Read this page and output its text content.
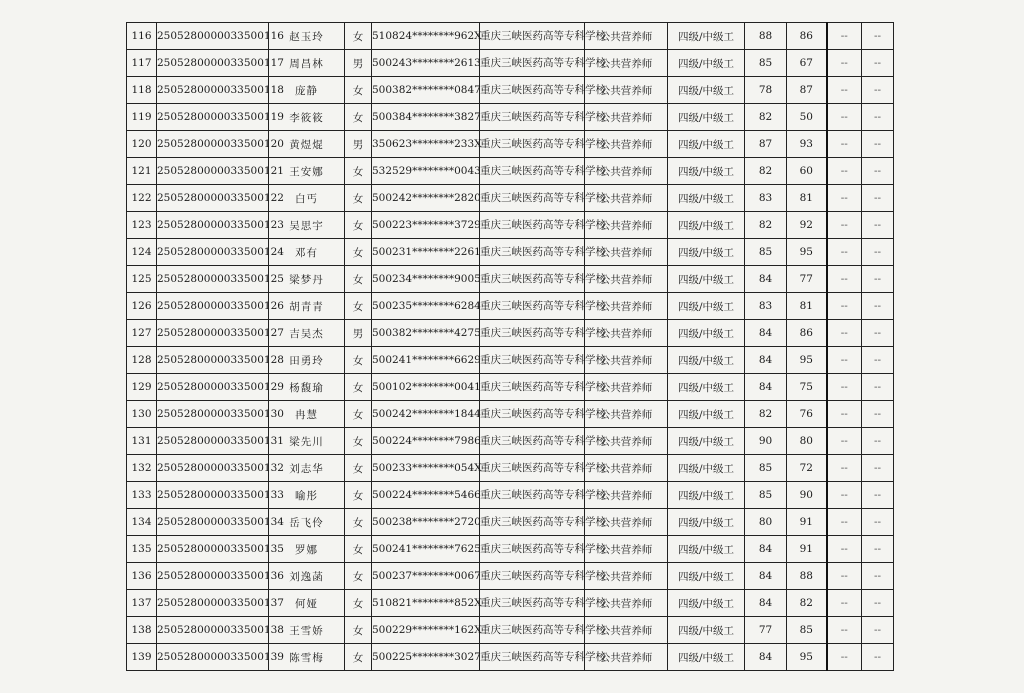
116	2505280000033500116	赵玉玲	女	510824********962X	重庆三峡医药高等专科学校	公共营养师	四级/中级工	88	86	--	--
117	2505280000033500117	周昌林	男	500243********2613	重庆三峡医药高等专科学校	公共营养师	四级/中级工	85	67	--	--
118	2505280000033500118	庞静	女	500382********0847	重庆三峡医药高等专科学校	公共营养师	四级/中级工	78	87	--	--
119	2505280000033500119	李筱筱	女	500384********3827	重庆三峡医药高等专科学校	公共营养师	四级/中级工	82	50	--	--
120	2505280000033500120	黄煜焜	男	350623********233X	重庆三峡医药高等专科学校	公共营养师	四级/中级工	87	93	--	--
121	2505280000033500121	王安娜	女	532529********0043	重庆三峡医药高等专科学校	公共营养师	四级/中级工	82	60	--	--
122	2505280000033500122	白丐	女	500242********2820	重庆三峡医药高等专科学校	公共营养师	四级/中级工	83	81	--	--
123	2505280000033500123	吴思宇	女	500223********3729	重庆三峡医药高等专科学校	公共营养师	四级/中级工	82	92	--	--
124	2505280000033500124	邓有	女	500231********2261	重庆三峡医药高等专科学校	公共营养师	四级/中级工	85	95	--	--
125	2505280000033500125	梁梦丹	女	500234********9005	重庆三峡医药高等专科学校	公共营养师	四级/中级工	84	77	--	--
126	2505280000033500126	胡青青	女	500235********6284	重庆三峡医药高等专科学校	公共营养师	四级/中级工	83	81	--	--
127	2505280000033500127	吉吴杰	男	500382********4275	重庆三峡医药高等专科学校	公共营养师	四级/中级工	84	86	--	--
128	2505280000033500128	田勇玲	女	500241********6629	重庆三峡医药高等专科学校	公共营养师	四级/中级工	84	95	--	--
129	2505280000033500129	杨馥瑜	女	500102********0041	重庆三峡医药高等专科学校	公共营养师	四级/中级工	84	75	--	--
130	2505280000033500130	冉慧	女	500242********1844	重庆三峡医药高等专科学校	公共营养师	四级/中级工	82	76	--	--
131	2505280000033500131	梁先川	女	500224********7986	重庆三峡医药高等专科学校	公共营养师	四级/中级工	90	80	--	--
132	2505280000033500132	刘志华	女	500233********054X	重庆三峡医药高等专科学校	公共营养师	四级/中级工	85	72	--	--
133	2505280000033500133	喻彤	女	500224********5466	重庆三峡医药高等专科学校	公共营养师	四级/中级工	85	90	--	--
134	2505280000033500134	岳飞伶	女	500238********2720	重庆三峡医药高等专科学校	公共营养师	四级/中级工	80	91	--	--
135	2505280000033500135	罗娜	女	500241********7625	重庆三峡医药高等专科学校	公共营养师	四级/中级工	84	91	--	--
136	2505280000033500136	刘逸菡	女	500237********0067	重庆三峡医药高等专科学校	公共营养师	四级/中级工	84	88	--	--
137	2505280000033500137	何娅	女	510821********852X	重庆三峡医药高等专科学校	公共营养师	四级/中级工	84	82	--	--
138	2505280000033500138	王雪娇	女	500229********162X	重庆三峡医药高等专科学校	公共营养师	四级/中级工	77	85	--	--
139	2505280000033500139	陈雪梅	女	500225********3027	重庆三峡医药高等专科学校	公共营养师	四级/中级工	84	95	--	--
